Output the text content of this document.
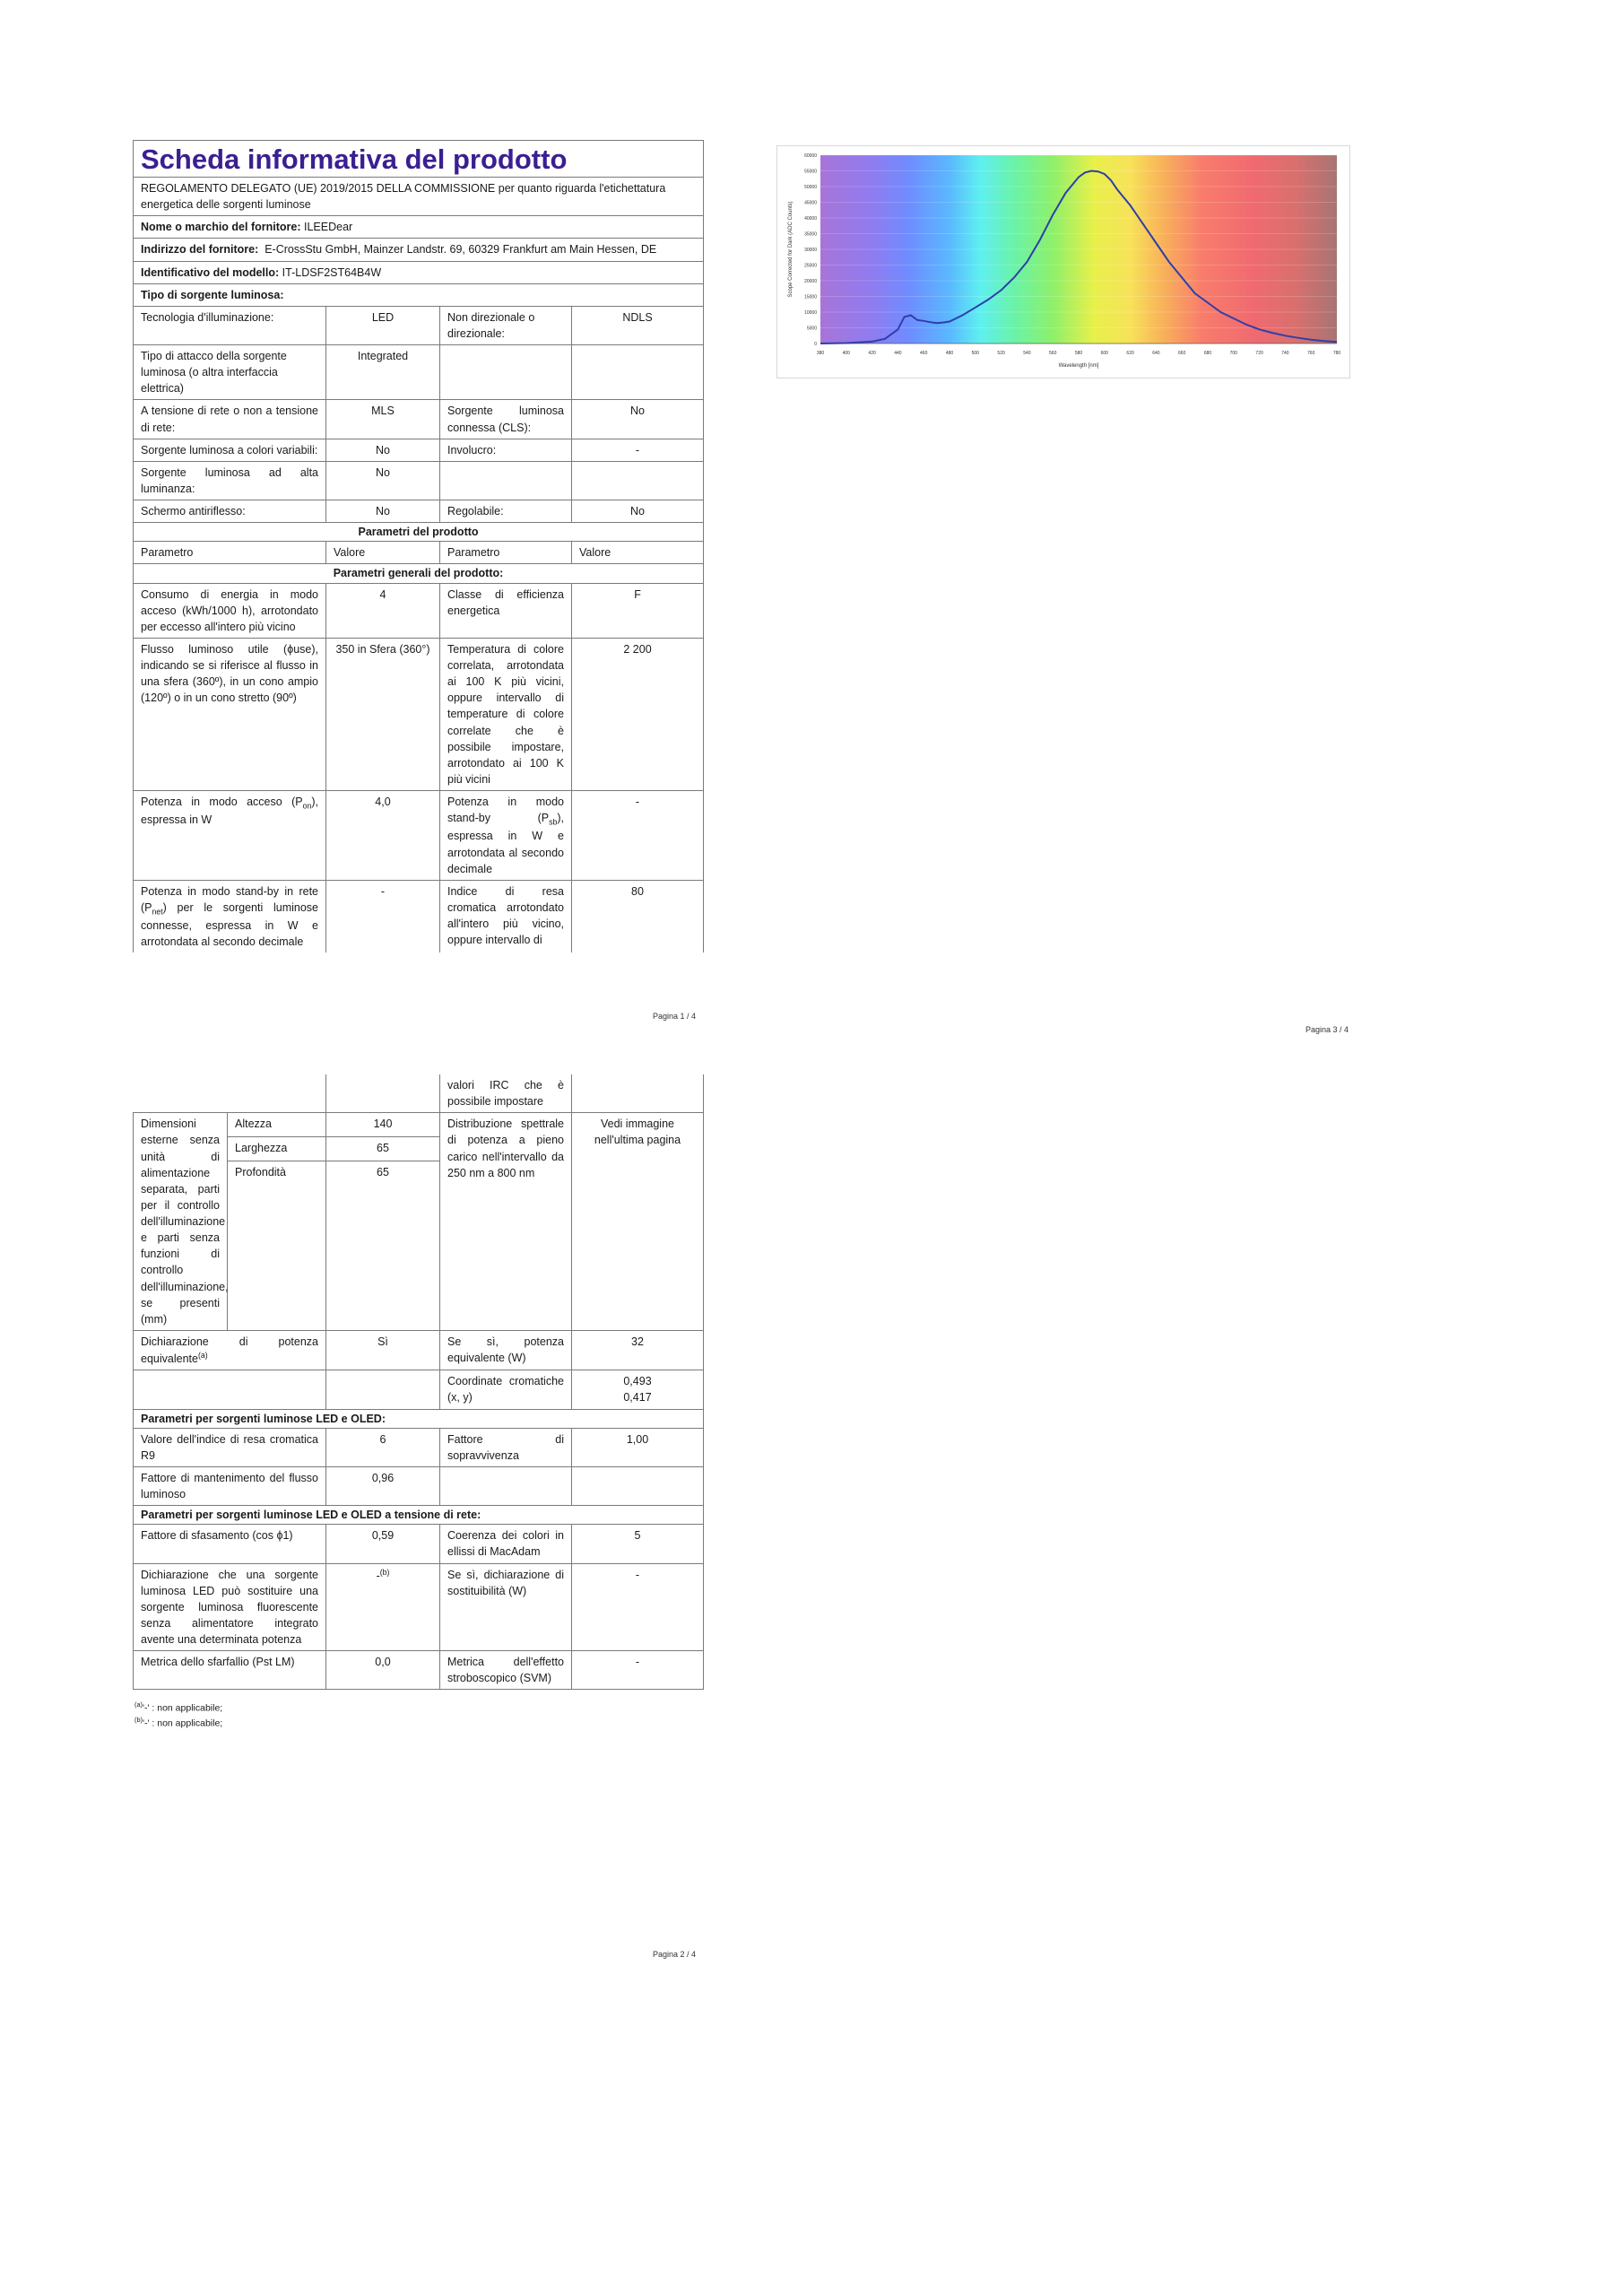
Scheda informativa del prodotto			
REGOLAMENTO DELEGATO (UE) 2019/2015 DELLA COMMISSIONE per quanto riguarda l'etichettatura energetica delle sorgenti luminose			
Nome o marchio del fornitore: ILEEDear			
Indirizzo del fornitore: E-CrossStu GmbH, Mainzer Landstr. 69, 60329 Frankfurt am Main Hessen, DE			
Identificativo del modello: IT-LDSF2ST64B4W			
Tipo di sorgente luminosa:			
Tecnologia d'illuminazione:	LED	Non direzionale o direzionale:	NDLS
Tipo di attacco della sorgente luminosa (o altra interfaccia elettrica)	Integrated		
A tensione di rete o non a tensione di rete:	MLS	Sorgente luminosa connessa (CLS):	No
Sorgente luminosa a colori variabili:	No	Involucro:	-
Sorgente luminosa ad alta luminanza:	No		
Schermo antiriflesso:	No	Regolabile:	No
Parametri del prodotto			
Parametro	Valore	Parametro	Valore
Parametri generali del prodotto:			
Consumo di energia in modo acceso (kWh/1000 h), arrotondato per eccesso all'intero più vicino	4	Classe di efficienza energetica	F
Flusso luminoso utile (ϕuse), indicando se si riferisce al flusso in una sfera (360º), in un cono ampio (120º) o in un cono stretto (90º)	350 in Sfera (360°)	Temperatura di colore correlata, arrotondata ai 100 K più vicini, oppure intervallo di temperature di colore correlate che è possibile impostare, arrotondato ai 100 K più vicini	2 200
Potenza in modo acceso $(P_{on})$, espressa in W	4,0	Potenza in modo stand-by $(P_{sb})$, espressa in W e arrotondata al secondo decimale	-
Potenza in modo stand-by in rete $(P_{net})$ per le sorgenti luminose connesse, espressa in W e arrotondata al secondo decimale	-	Indice di resa cromatica arrotondato all'intero più vicino, oppure intervallo di	80
Pagina 1 / 4
0
5000
10000
15000
20000
25000
30000
35000
40000
45000
50000
55000
60000
380	400	420	440	460	480	500	520	540	560	580	600	620	640	660	680	700	720	740	760	780
Wavelength [nm]
Scope Corrected for Dark (ADC Counts)
Pagina 3 / 4
			valori IRC che è possibile impostare	
Dimensioni esterne senza unità di alimentazione separata, parti per il controllo dell'illuminazione e parti senza funzioni di controllo dell'illuminazione, se presenti (mm)	Altezza	140	Distribuzione spettrale di potenza a pieno carico nell'intervallo da 250 nm a 800 nm	Vedi immagine nell'ultima pagina
	Larghezza	65		
	Profondità	65		
Dichiarazione di potenza equivalente$^{(a)}$		Sì	Se sì, potenza equivalente (W)	32
			Coordinate cromatiche (x, y)	0,493
0,417

Parametri per sorgenti luminose LED e OLED:				
Valore dell'indice di resa cromatica R9		6	Fattore di sopravvivenza	1,00
Fattore di mantenimento del flusso luminoso		0,96		
Parametri per sorgenti luminose LED e OLED a tensione di rete:				
Fattore di sfasamento (cos ϕ1)		0,59	Coerenza dei colori in ellissi di MacAdam	5
Dichiarazione che una sorgente luminosa LED può sostituire una sorgente luminosa fluorescente senza alimentatore integrato avente una determinata potenza		-$^{(b)}$	Se sì, dichiarazione di sostituibilità (W)	-
Metrica dello sfarfallio (Pst LM)		0,0	Metrica dell'effetto stroboscopico (SVM)	-
$^{(a)}$'-' : non applicabile;
$^{(b)}$'-' : non applicabile;
Pagina 2 / 4
